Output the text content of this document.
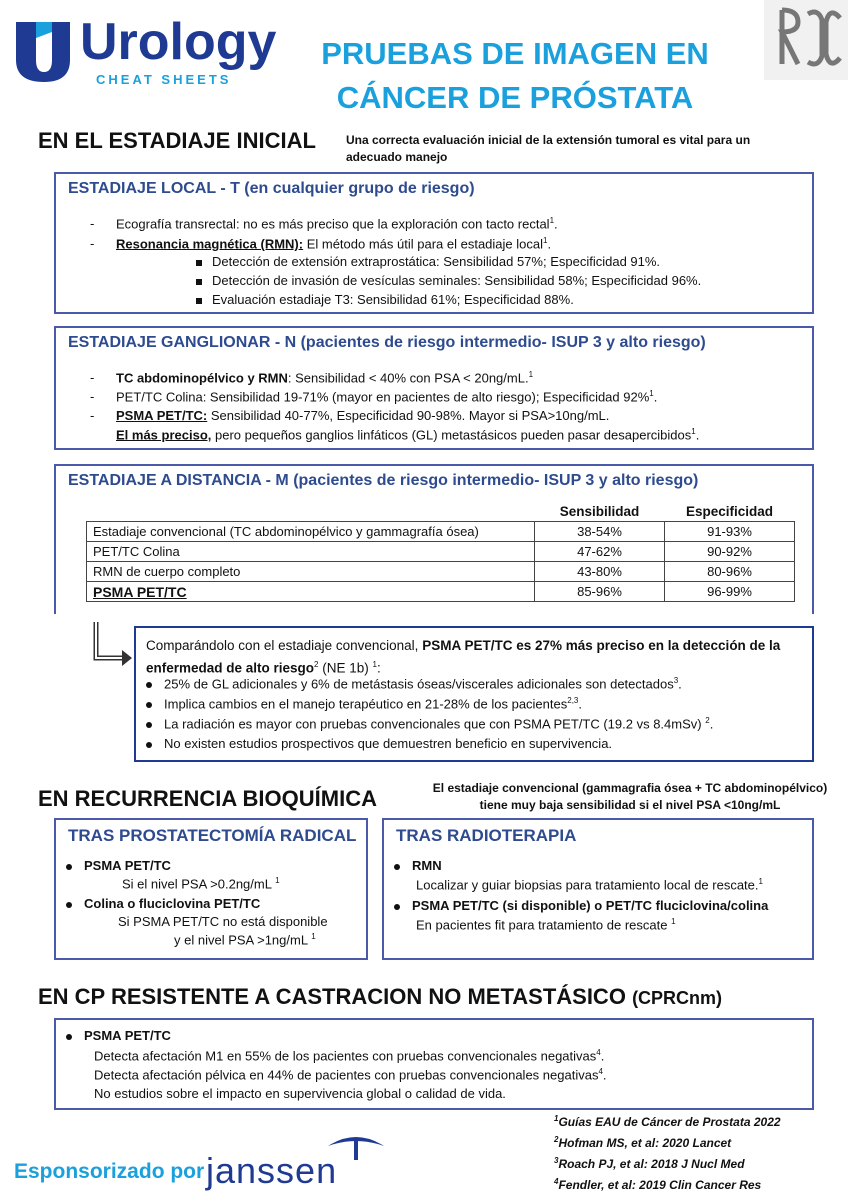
Urology
CHEAT SHEETS
PRUEBAS DE IMAGEN EN
CÁNCER DE PRÓSTATA
EN EL ESTADIAJE INICIAL	Una correcta evaluación inicial de la extensión tumoral es vital para un adecuado manejo
ESTADIAJE LOCAL - T (en cualquier grupo de riesgo)
- Ecografía transrectal: no es más preciso que la exploración con tacto rectal$^1$.
- Resonancia magnética (RMN): El método más útil para el estadiaje local$^1$.
Detección de extensión extraprostática: Sensibilidad 57%; Especificidad 91%.
Detección de invasión de vesículas seminales: Sensibilidad 58%; Especificidad 96%.
Evaluación estadiaje T3: Sensibilidad 61%; Especificidad 88%.
ESTADIAJE GANGLIONAR - N (pacientes de riesgo intermedio- ISUP 3 y alto riesgo)
- TC abdominopélvico y RMN: Sensibilidad < 40% con PSA < 20ng/mL.$^1$
- PET/TC Colina: Sensibilidad 19-71% (mayor en pacientes de alto riesgo); Especificidad 92%$^1$.
- PSMA PET/TC: Sensibilidad 40-77%, Especificidad 90-98%. Mayor si PSA>10ng/mL.
El más preciso, pero pequeños ganglios linfáticos (GL) metastásicos pueden pasar desapercibidos$^1$.
ESTADIAJE A DISTANCIA - M (pacientes de riesgo intermedio- ISUP 3 y alto riesgo)
	Sensibilidad	Especificidad
Estadiaje convencional (TC abdominopélvico y gammagrafía ósea)	38-54%	91-93%
PET/TC Colina	47-62%	90-92%
RMN de cuerpo completo	43-80%	80-96%
PSMA PET/TC	85-96%	96-99%
Comparándolo con el estadiaje convencional, PSMA PET/TC es 27% más preciso en la detección de la enfermedad de alto riesgo$^2$ (NE 1b) $^1$:
25% de GL adicionales y 6% de metástasis óseas/viscerales adicionales son detectados$^3$.
Implica cambios en el manejo terapéutico en 21-28% de los pacientes$^{2,3}$.
La radiación es mayor con pruebas convencionales que con PSMA PET/TC (19.2 vs 8.4mSv) $^2$.
No existen estudios prospectivos que demuestren beneficio en supervivencia.
EN RECURRENCIA BIOQUÍMICA	El estadiaje convencional (gammagrafia ósea + TC abdominopélvico)
tiene muy baja sensibilidad si el nivel PSA <10ng/mL
TRAS PROSTATECTOMÍA RADICAL
PSMA PET/TC
Si el nivel PSA >0.2ng/mL $^1$
Colina o fluciclovina PET/TC
Si PSMA PET/TC no está disponible
y el nivel PSA >1ng/mL $^1$
TRAS RADIOTERAPIA
RMN
Localizar y guiar biopsias para tratamiento local de rescate.$^1$
PSMA PET/TC (si disponible) o PET/TC fluciclovina/colina
En pacientes fit para tratamiento de rescate $^1$
EN CP RESISTENTE A CASTRACION NO METASTÁSICO (CPRCnm)
PSMA PET/TC
Detecta afectación M1 en 55% de los pacientes con pruebas convencionales negativas$^4$.
Detecta afectación pélvica en 44% de pacientes con pruebas convencionales negativas$^4$.
No estudios sobre el impacto en supervivencia global o calidad de vida.
Esponsorizado por janssen
$^1$Guías EAU de Cáncer de Prostata 2022
$^2$Hofman MS, et al: 2020 Lancet
$^3$Roach PJ, et al: 2018 J Nucl Med
$^4$Fendler, et al: 2019 Clin Cancer Res
